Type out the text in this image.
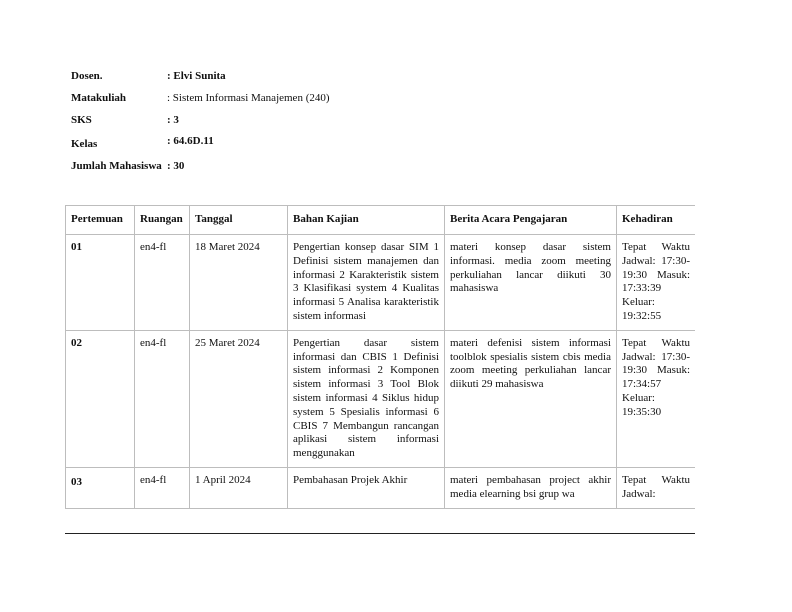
Dosen.	: Elvi Sunita
Matakuliah	: Sistem Informasi Manajemen (240)
SKS	: 3
Kelas	: 64.6D.11
Jumlah Mahasiswa : 30
Pertemuan	Ruangan	Tanggal	Bahan Kajian	Berita Acara Pengajaran	Kehadiran
01	en4-fl	18 Maret 2024	Pengertian konsep dasar SIM 1 Definisi sistem manajemen dan informasi 2 Karakteristik sistem 3 Klasifikasi system 4 Kualitas informasi 5 Analisa karakteristik sistem informasi	materi konsep dasar sistem informasi. media zoom meeting perkuliahan lancar diikuti 30 mahasiswa	Tepat Waktu Jadwal: 17:30-19:30 Masuk: 17:33:39 Keluar: 19:32:55
02	en4-fl	25 Maret 2024	Pengertian dasar sistem informasi dan CBIS 1 Definisi sistem informasi 2 Komponen sistem informasi 3 Tool Blok sistem informasi 4 Siklus hidup system 5 Spesialis informasi 6 CBIS 7 Membangun rancangan aplikasi sistem informasi menggunakan	materi defenisi sistem informasi toolblok spesialis sistem cbis media zoom meeting perkuliahan lancar diikuti 29 mahasiswa	Tepat Waktu Jadwal: 17:30-19:30 Masuk: 17:34:57 Keluar: 19:35:30
03	en4-fl	1 April 2024	Pembahasan Projek Akhir	materi pembahasan project akhir media elearning bsi grup wa	Tepat Waktu Jadwal:
